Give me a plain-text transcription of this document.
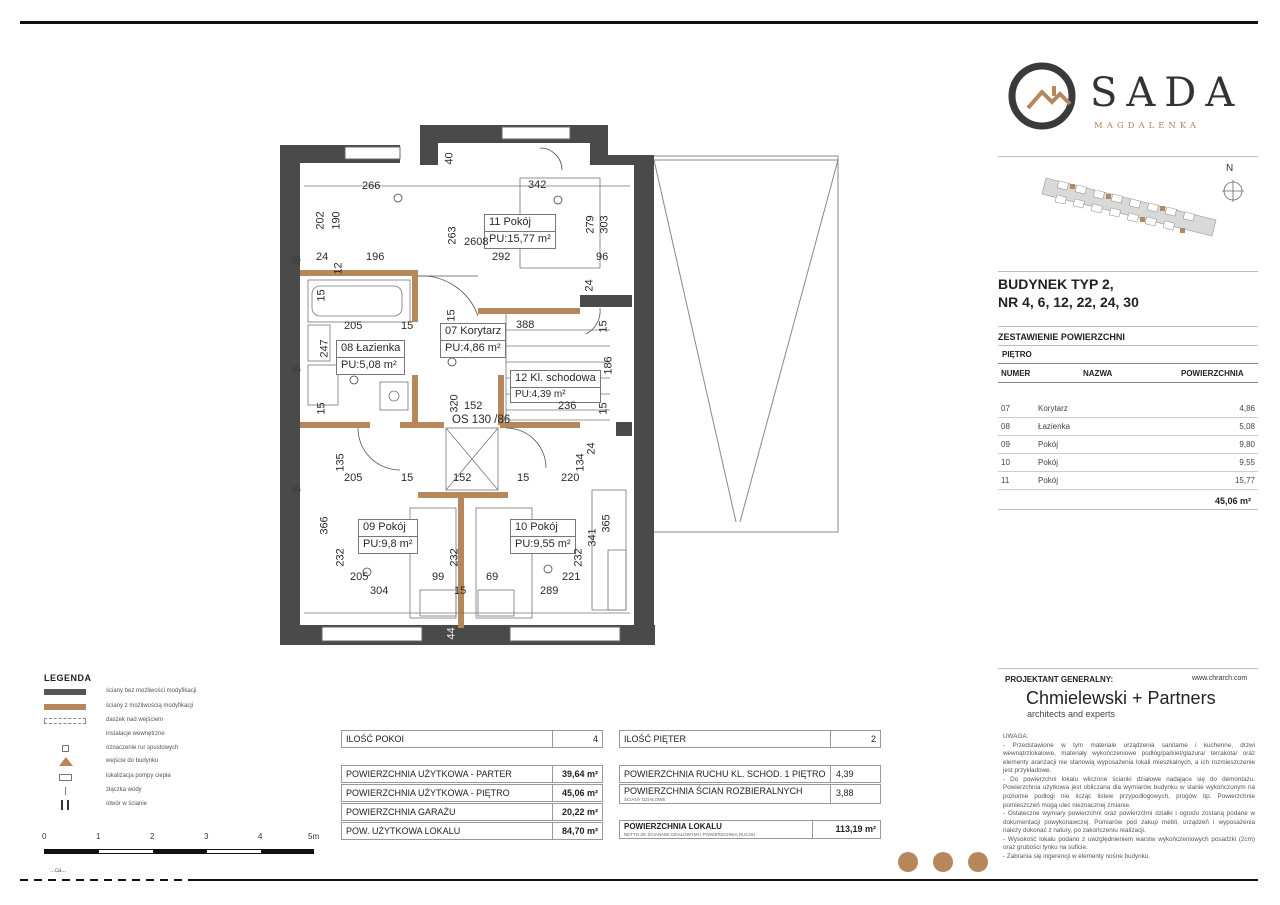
...ca...
11 Pokój
PU:15,77 m²
07 Korytarz
PU:4,86 m²
08 Łazienka
PU:5,08 m²
12 Kl. schodowa
PU:4,39 m²
09 Pokój
PU:9,8 m²
10 Pokój
PU:9,55 m²
OS 130 /86
266	342
40
202 190
263 2608
279 303
24	196
12
292	96
15
24
205	15
15
388	15
247
186
320 152	236
15	15
135	134
24
205	15	152	15	220
366	365
341
232	232	232
205	99	69	221
304	15	289
44
SADA
MAGDALENKA
N
BUDYNEK TYP 2,
NR 4, 6, 12, 22, 24, 30
ZESTAWIENIE POWIERZCHNI
PIĘTRO
NUMER	NAZWA	POWIERZCHNIA
07	Korytarz	4,86
08	Łazienka	5,08
09	Pokój	9,80
10	Pokój	9,55
11	Pokój	15,77
45,06 m²
LEGENDA
ściany bez możliwości modyfikacji
ściany z możliwością modyfikacji
daszek nad wejściem
instalacje wewnętrzne
oznaczenie rur spustowych
wejście do budynku
lokalizacja pompy ciepła
złączka wody
otwór w ścianie
0	1	2	3	4	5m
ILOŚĆ POKOI	4	ILOŚĆ PIĘTER	2
POWIERZCHNIA UŻYTKOWA - PARTER	39,64 m²
POWIERZCHNIA UŻYTKOWA - PIĘTRO	45,06 m²
POWIERZCHNIA GARAŻU	20,22 m²
POW. UŻYTKOWA LOKALU	84,70 m²
POWIERZCHNIA RUCHU KL. SCHOD. 1 PIĘTRO 4,39
POWIERZCHNIA ŚCIAN ROZBIERALNYCH
ŚCIANY DZIAŁOWE
3,88
POWIERZCHNIA LOKALU
NETTO ZE ŚCIANAMI DZIAŁOWYMI I POWIERZCHNIĄ RUCHU
113,19 m²
PROJEKTANT GENERALNY:	www.chrarch.com
Chmielewski + Partners
architects and experts

UWAGA:

- Przedstawione w tym materiale urządzenia sanitarne i kuchenne, drzwi wewnątrzlokalowe, materiały wykończeniowe podłóg/parkiet/glazura/ terrakota/ oraz elementy aranżacji nie stanowią wyposażenia lokali mieszkalnych, a ich rozmieszczenie jest przykładowe.

- Do powierzchni lokalu wliczone ścianki działowe nadające się do demontażu. Powierzchnia użytkowa jest obliczana dla wymiarów budynku w stanie wykończonym na poziomie podłogi nie licząc listew przypodłogowych, progów itp. Powierzchnie pomieszczeń mogą ulec nieznacznej zmianie.

- Ostateczne wymiary powierzchni oraz powierzchni działki i ogrodu zostaną podane w dokumentacji powykonawczej. Pomiarów pod zakup mebli, urządzeń i wyposażenia należy dokonać z natury, po zakończeniu realizacji.

- Wysokość lokalu podano z uwzględnieniem warstw wykończeniowych posadzki (2cm) oraz grubości tynku na suficie.

- Zabrania się ingerencji w elementy nośne budynku.
